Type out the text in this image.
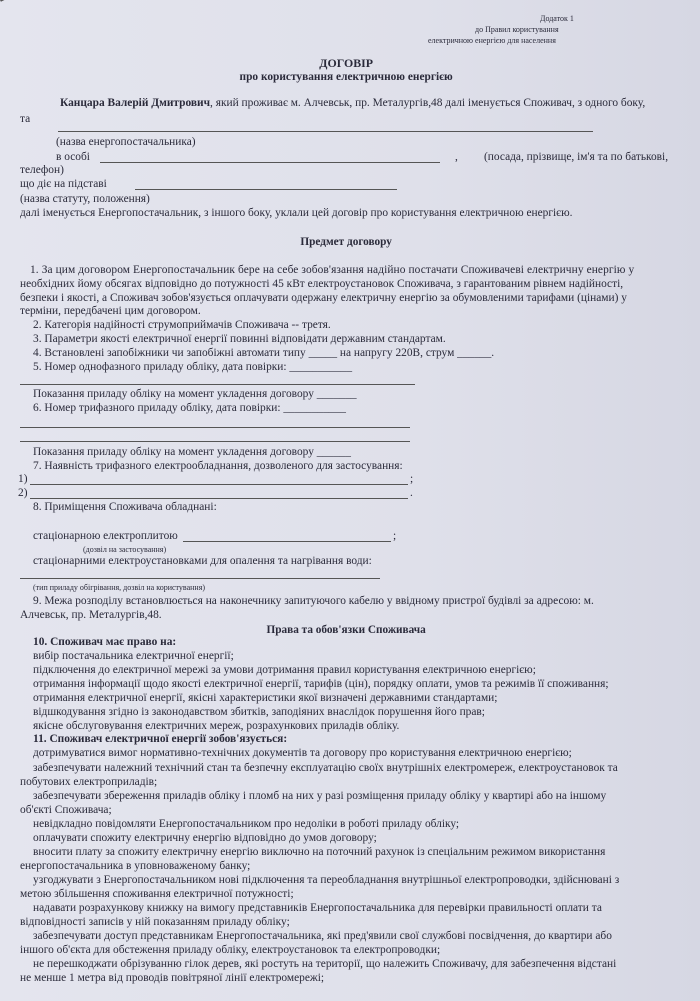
Додаток 1
до Правил користування
електричною енергією для населення
ДОГОВІР
про користування електричною енергією
Канцара Валерій Дмитрович, який проживає м. Алчевськ, пр. Металургів,48 далі іменується Споживач, з одного боку,
та
(назва енергопостачальника)
в особі	, (посада, прізвище, ім'я та по батькові,
телефон)
що діє на підставі
(назва статуту, положення)
далі іменується Енергопостачальник, з іншого боку, уклали цей договір про користування електричною енергією.
Предмет договору
1. За цим договором Енергопостачальник бере на себе зобов'язання надійно постачати Споживачеві електричну енергію у
необхідних йому обсягах відповідно до потужності 45 кВт електроустановок Споживача, з гарантованим рівнем надійності,
безпеки і якості, а Споживач зобов'язується оплачувати одержану електричну енергію за обумовленими тарифами (цінами) у
терміни, передбачені цим договором.
2. Категорія надійності струмоприймачів Споживача -- третя.
3. Параметри якості електричної енергії повинні відповідати державним стандартам.
4. Встановлені запобіжники чи запобіжні автомати типу _____ на напругу 220В, струм ______.
5. Номер однофазного приладу обліку, дата повірки: ___________
Показання приладу обліку на момент укладення договору _______
6. Номер трифазного приладу обліку, дата повірки: ___________
Показання приладу обліку на момент укладення договору ______
7. Наявність трифазного електрообладнання, дозволеного для застосування:
1)	;
2)	.
8. Приміщення Споживача обладнані:
стаціонарною електроплитою	;
(дозвіл на застосування)
стаціонарними електроустановками для опалення та нагрівання води:
(тип приладу обігрівання, дозвіл на користування)
9. Межа розподілу встановлюється на наконечнику запитуючого кабелю у ввідному пристрої будівлі за адресою: м.
Алчевськ, пр. Металургів,48.
Права та обов'язки Споживача
10. Споживач має право на:
вибір постачальника електричної енергії;
підключення до електричної мережі за умови дотримання правил користування електричною енергією;
отримання інформації щодо якості електричної енергії, тарифів (цін), порядку оплати, умов та режимів її споживання;
отримання електричної енергії, якісні характеристики якої визначені державними стандартами;
відшкодування згідно із законодавством збитків, заподіяних внаслідок порушення його прав;
якісне обслуговування електричних мереж, розрахункових приладів обліку.
11. Споживач електричної енергії зобов'язується:
дотримуватися вимог нормативно-технічних документів та договору про користування електричною енергією;
забезпечувати належний технічний стан та безпечну експлуатацію своїх внутрішніх електромереж, електроустановок та
побутових електроприладів;
забезпечувати збереження приладів обліку і пломб на них у разі розміщення приладу обліку у квартирі або на іншому
об'єкті Споживача;
невідкладно повідомляти Енергопостачальником про недоліки в роботі приладу обліку;
оплачувати спожиту електричну енергію відповідно до умов договору;
вносити плату за спожиту електричну енергію виключно на поточний рахунок із спеціальним режимом використання
енергопостачальника в уповноваженому банку;
узгоджувати з Енергопостачальником нові підключення та переобладнання внутрішньої електропроводки, здійснювані з
метою збільшення споживання електричної потужності;
надавати розрахункову книжку на вимогу представників Енергопостачальника для перевірки правильності оплати та
відповідності записів у ній показанням приладу обліку;
забезпечувати доступ представникам Енергопостачальника, які пред'явили свої службові посвідчення, до квартири або
іншого об'єкта для обстеження приладу обліку, електроустановок та електропроводки;
не перешкоджати обрізуванню гілок дерев, які ростуть на території, що належить Споживачу, для забезпечення відстані
не менше 1 метра від проводів повітряної лінії електромережі;
